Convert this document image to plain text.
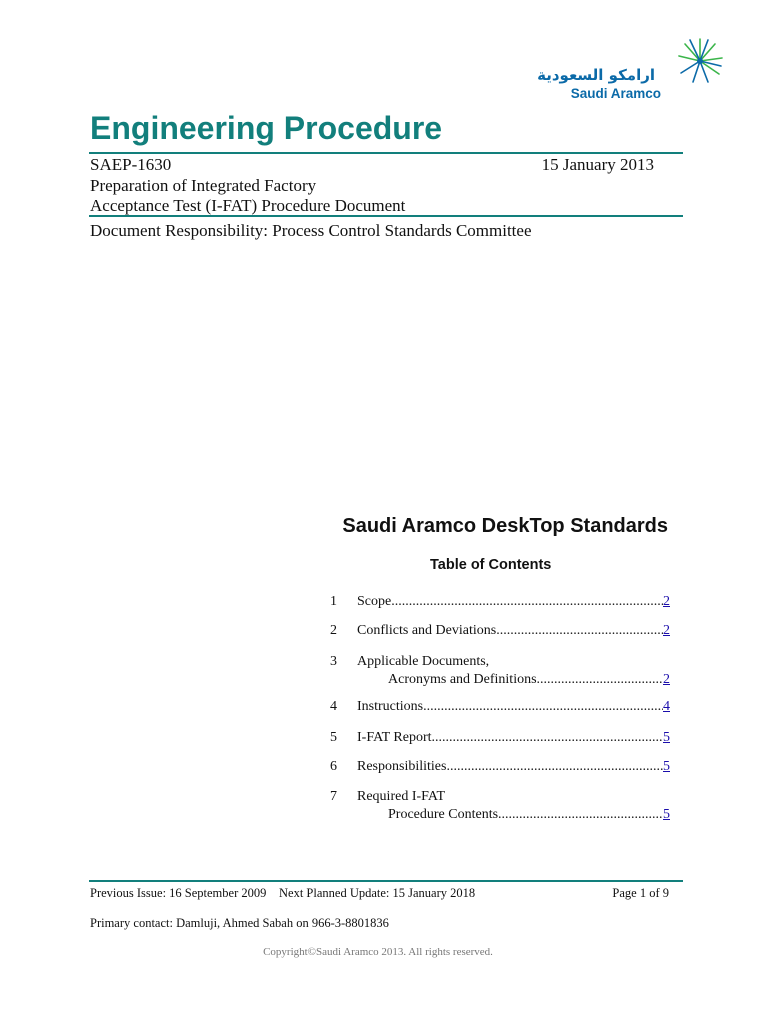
ارامكو السعودية
Saudi Aramco
Engineering Procedure
SAEP-1630	15 January 2013
Preparation of Integrated Factory
Acceptance Test (I-FAT) Procedure Document
Document Responsibility: Process Control Standards Committee
Saudi Aramco DeskTop Standards
Table of Contents
1 Scope .....	2
2 Conflicts and Deviations .....	2
3 Applicable Documents,
Acronyms and Definitions .....	2
4 Instructions .....	4
5 I-FAT Report .....	5
6 Responsibilities .....	5
7 Required I-FAT
Procedure Contents .....	5
Previous Issue: 16 September 2009 Next Planned Update: 15 January 2018	Page 1 of 9
Primary contact: Damluji, Ahmed Sabah on 966-3-8801836
Copyright©Saudi Aramco 2013. All rights reserved.
